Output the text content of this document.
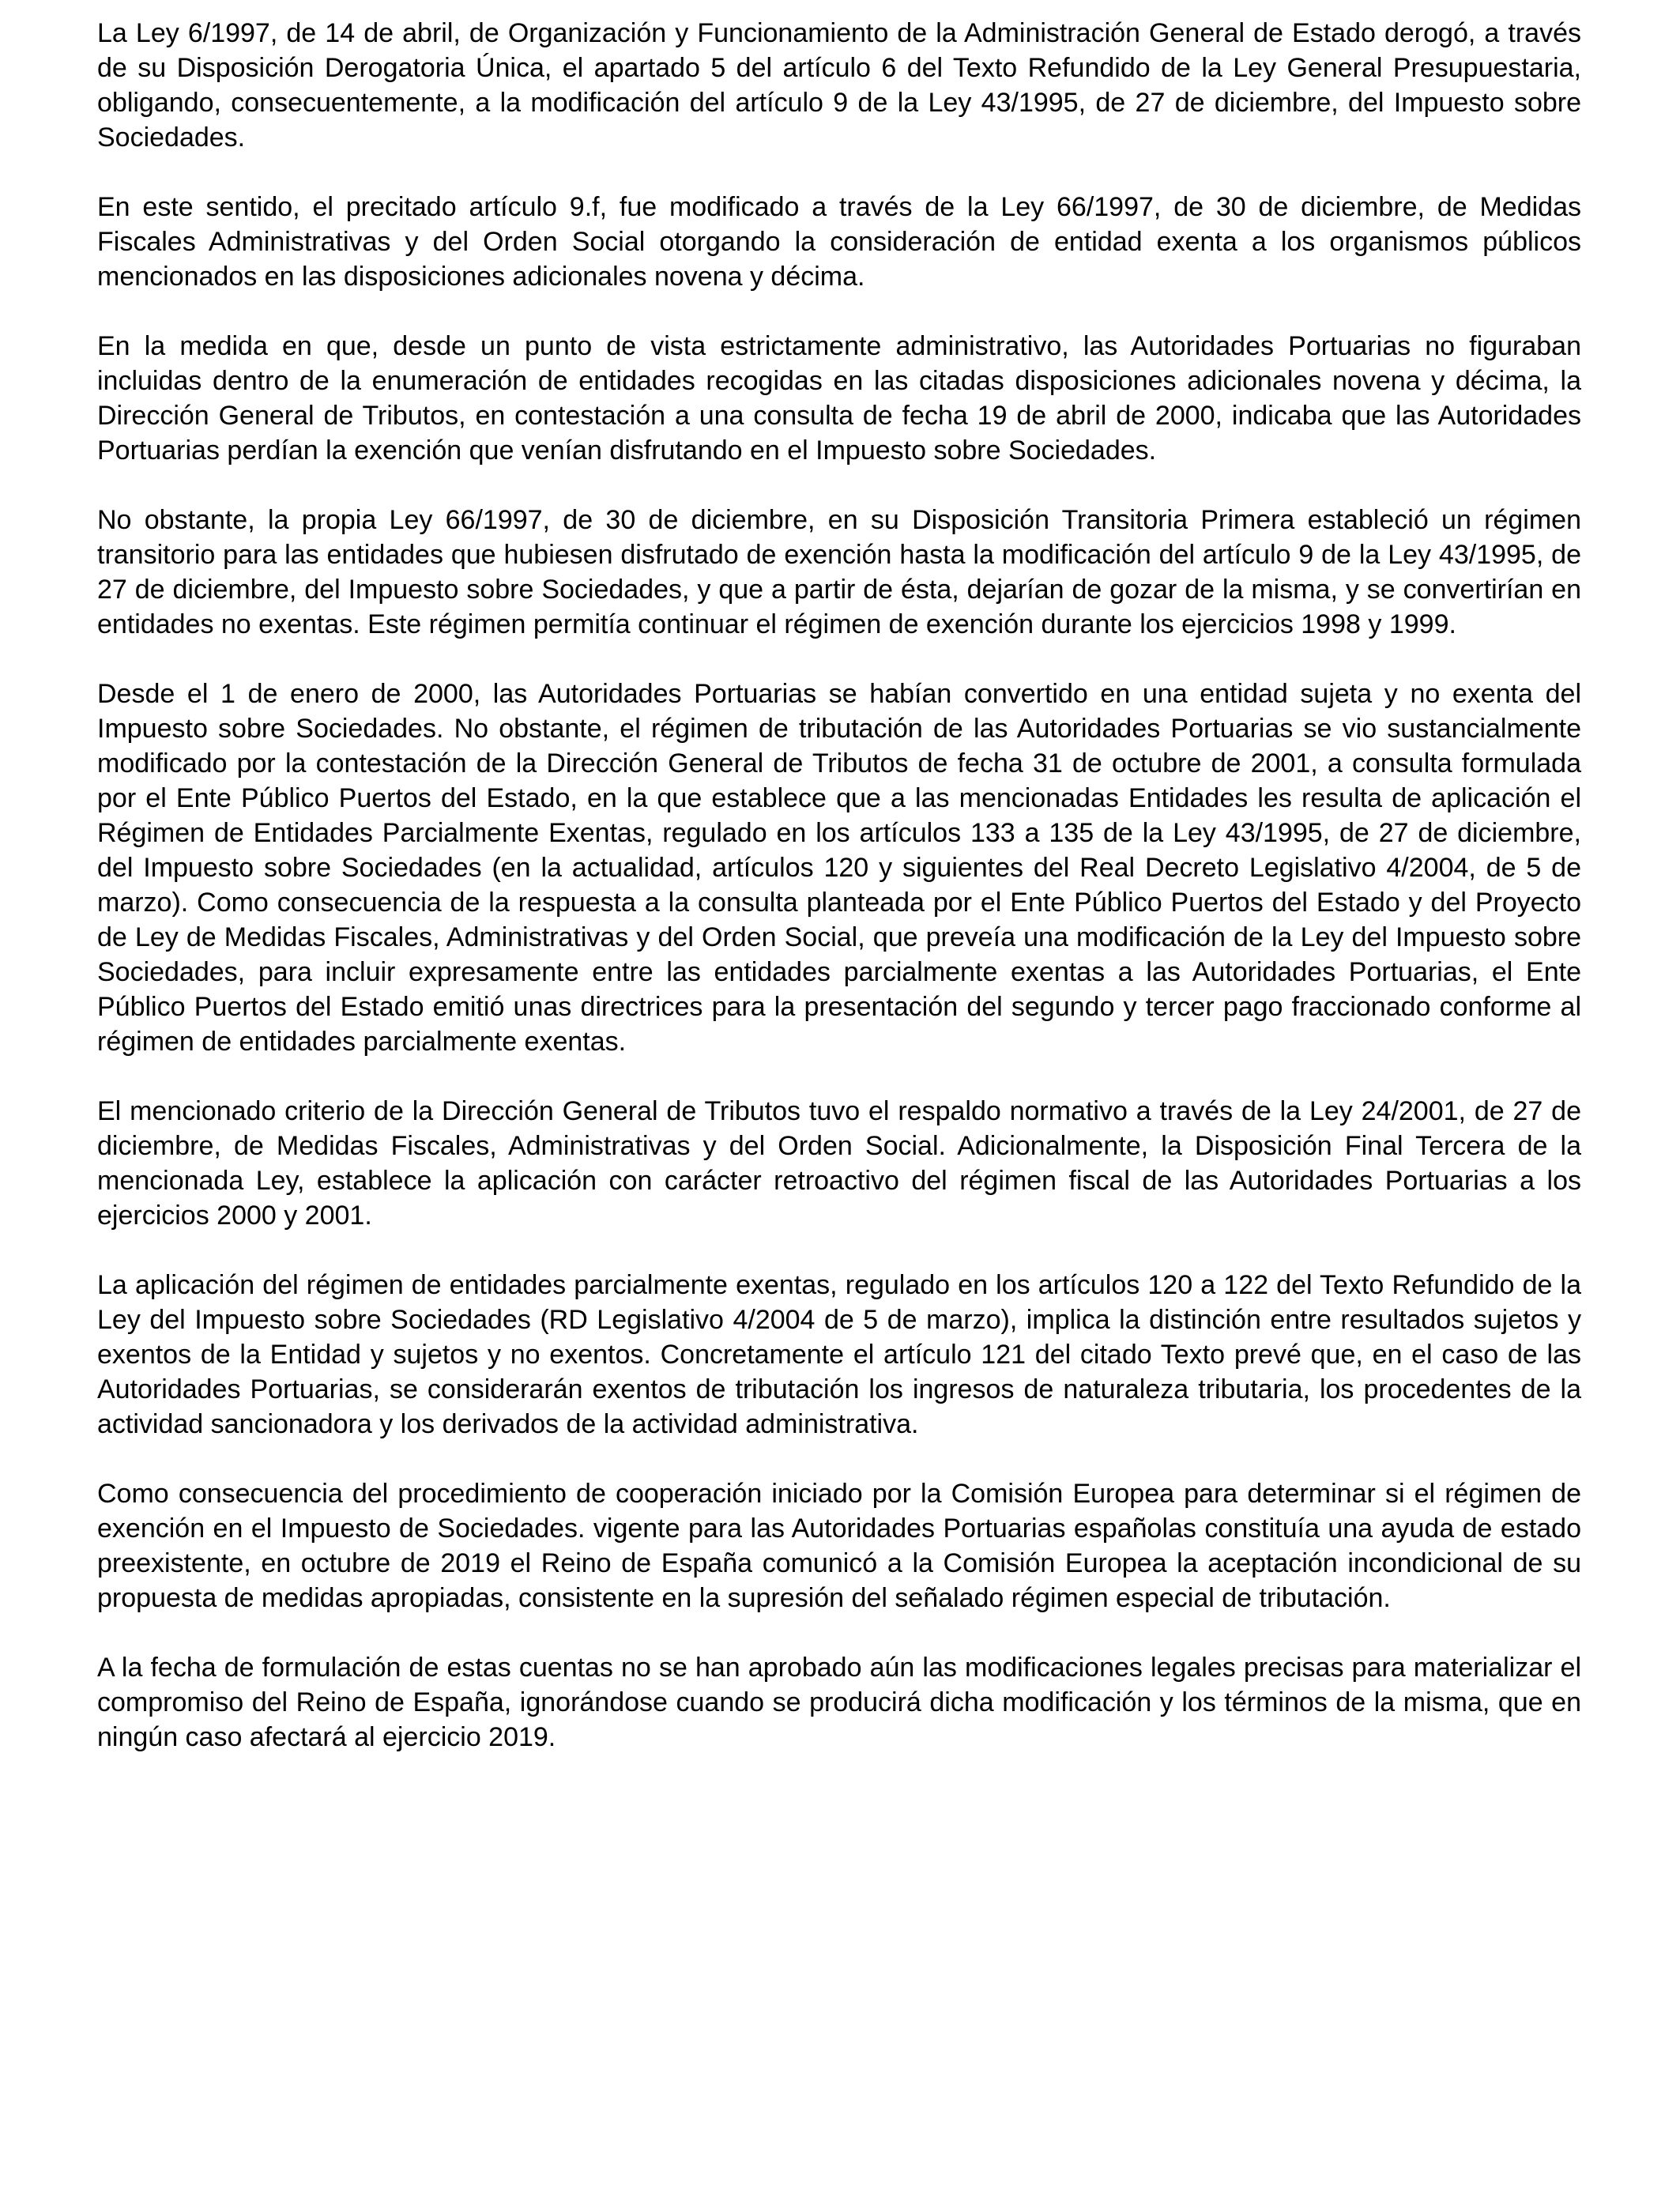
La Ley 6/1997, de 14 de abril, de Organización y Funcionamiento de la Administración General de Estado derogó, a través de su Disposición Derogatoria Única, el apartado 5 del artículo 6 del Texto Refundido de la Ley General Presupuestaria, obligando, consecuentemente, a la modificación del artículo 9 de la Ley 43/1995, de 27 de diciembre, del Impuesto sobre Sociedades.

En este sentido, el precitado artículo 9.f, fue modificado a través de la Ley 66/1997, de 30 de diciembre, de Medidas Fiscales Administrativas y del Orden Social otorgando la consideración de entidad exenta a los organismos públicos mencionados en las disposiciones adicionales novena y décima.

En la medida en que, desde un punto de vista estrictamente administrativo, las Autoridades Portuarias no figuraban incluidas dentro de la enumeración de entidades recogidas en las citadas disposiciones adicionales novena y décima, la Dirección General de Tributos, en contestación a una consulta de fecha 19 de abril de 2000, indicaba que las Autoridades Portuarias perdían la exención que venían disfrutando en el Impuesto sobre Sociedades.

No obstante, la propia Ley 66/1997, de 30 de diciembre, en su Disposición Transitoria Primera estableció un régimen transitorio para las entidades que hubiesen disfrutado de exención hasta la modificación del artículo 9 de la Ley 43/1995, de 27 de diciembre, del Impuesto sobre Sociedades, y que a partir de ésta, dejarían de gozar de la misma, y se convertirían en entidades no exentas. Este régimen permitía continuar el régimen de exención durante los ejercicios 1998 y 1999.

Desde el 1 de enero de 2000, las Autoridades Portuarias se habían convertido en una entidad sujeta y no exenta del Impuesto sobre Sociedades. No obstante, el régimen de tributación de las Autoridades Portuarias se vio sustancialmente modificado por la contestación de la Dirección General de Tributos de fecha 31 de octubre de 2001, a consulta formulada por el Ente Público Puertos del Estado, en la que establece que a las mencionadas Entidades les resulta de aplicación el Régimen de Entidades Parcialmente Exentas, regulado en los artículos 133 a 135 de la Ley 43/1995, de 27 de diciembre, del Impuesto sobre Sociedades (en la actualidad, artículos 120 y siguientes del Real Decreto Legislativo 4/2004, de 5 de marzo). Como consecuencia de la respuesta a la consulta planteada por el Ente Público Puertos del Estado y del Proyecto de Ley de Medidas Fiscales, Administrativas y del Orden Social, que preveía una modificación de la Ley del Impuesto sobre Sociedades, para incluir expresamente entre las entidades parcialmente exentas a las Autoridades Portuarias, el Ente Público Puertos del Estado emitió unas directrices para la presentación del segundo y tercer pago fraccionado conforme al régimen de entidades parcialmente exentas.

El mencionado criterio de la Dirección General de Tributos tuvo el respaldo normativo a través de la Ley 24/2001, de 27 de diciembre, de Medidas Fiscales, Administrativas y del Orden Social. Adicionalmente, la Disposición Final Tercera de la mencionada Ley, establece la aplicación con carácter retroactivo del régimen fiscal de las Autoridades Portuarias a los ejercicios 2000 y 2001.

La aplicación del régimen de entidades parcialmente exentas, regulado en los artículos 120 a 122 del Texto Refundido de la Ley del Impuesto sobre Sociedades (RD Legislativo 4/2004 de 5 de marzo), implica la distinción entre resultados sujetos y exentos de la Entidad y sujetos y no exentos. Concretamente el artículo 121 del citado Texto prevé que, en el caso de las Autoridades Portuarias, se considerarán exentos de tributación los ingresos de naturaleza tributaria, los procedentes de la actividad sancionadora y los derivados de la actividad administrativa.

Como consecuencia del procedimiento de cooperación iniciado por la Comisión Europea para determinar si el régimen de exención en el Impuesto de Sociedades. vigente para las Autoridades Portuarias españolas constituía una ayuda de estado preexistente, en octubre de 2019 el Reino de España comunicó a la Comisión Europea la aceptación incondicional de su propuesta de medidas apropiadas, consistente en la supresión del señalado régimen especial de tributación.

A la fecha de formulación de estas cuentas no se han aprobado aún las modificaciones legales precisas para materializar el compromiso del Reino de España, ignorándose cuando se producirá dicha modificación y los términos de la misma, que en ningún caso afectará al ejercicio 2019.
